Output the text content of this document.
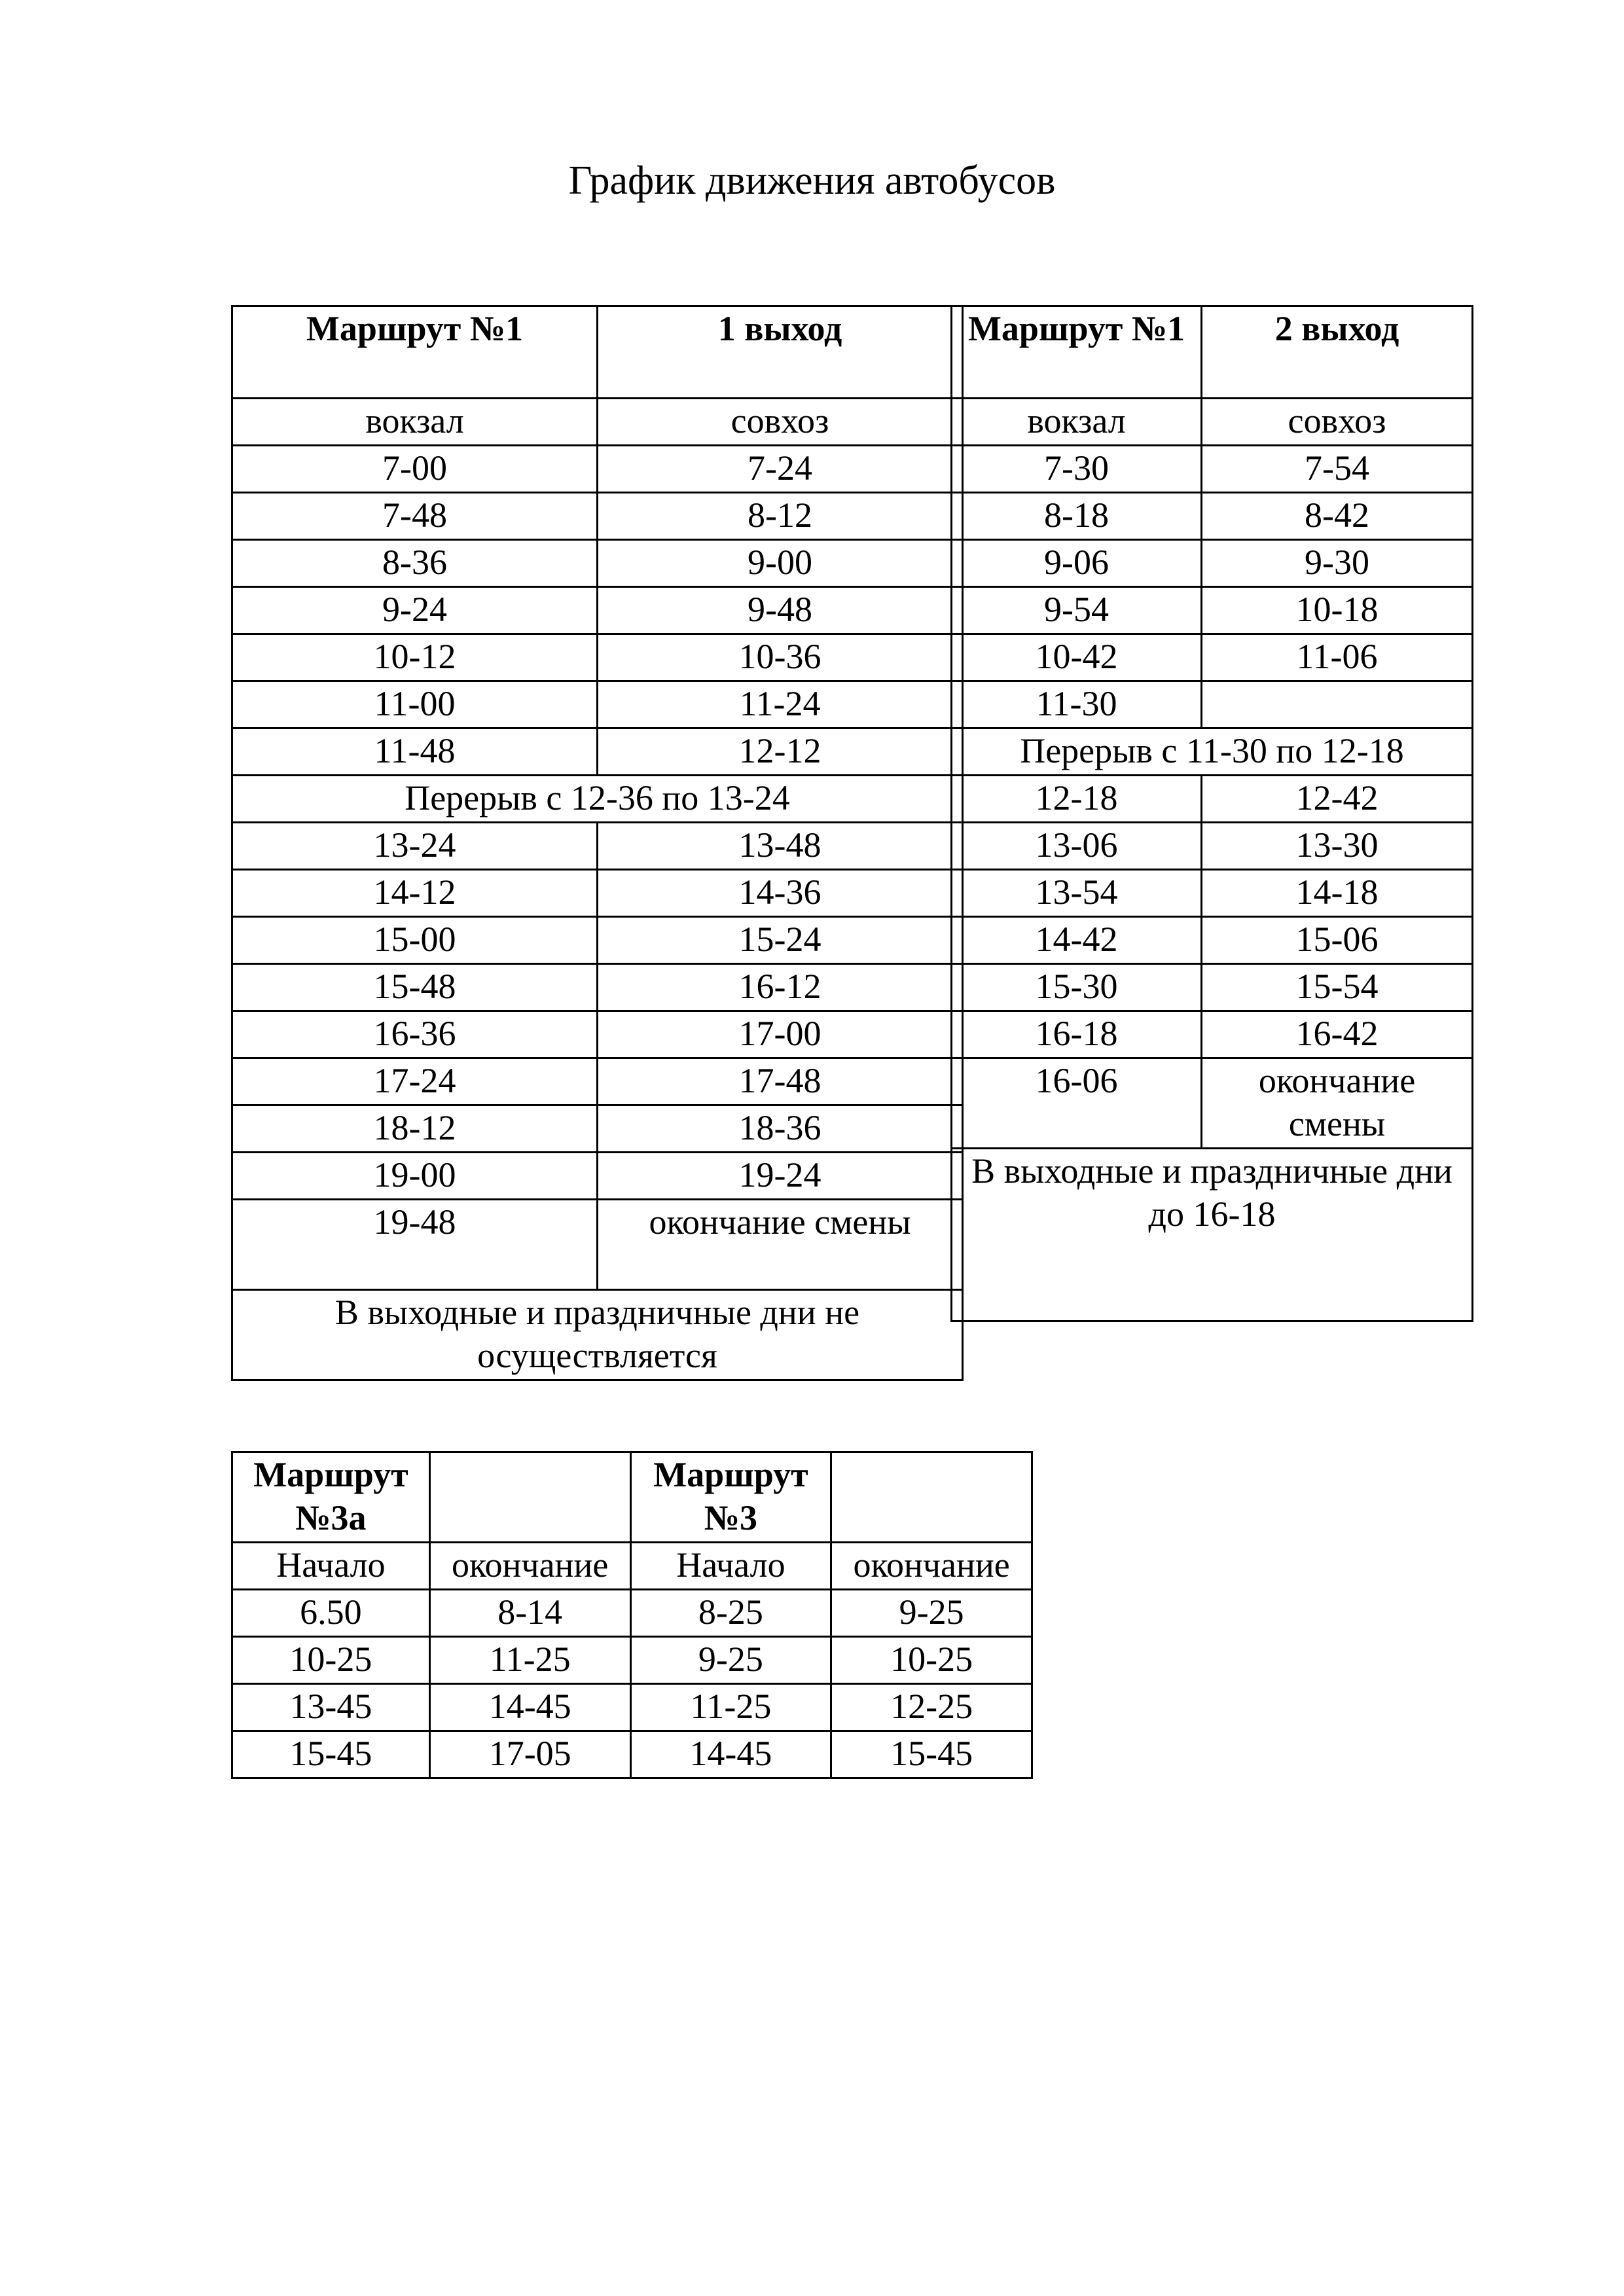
График движения автобусов
Маршрут №1	1 выход
вокзал	совхоз
7-00	7-24
7-48	8-12
8-36	9-00
9-24	9-48
10-12	10-36
11-00	11-24
11-48	12-12
Перерыв с 12-36 по 13-24	
13-24	13-48
14-12	14-36
15-00	15-24
15-48	16-12
16-36	17-00
17-24	17-48
18-12	18-36
19-00	19-24
19-48	окончание смены
В выходные и праздничные дни не осуществляется	
Маршрут №1	2 выход
вокзал	совхоз
7-30	7-54
8-18	8-42
9-06	9-30
9-54	10-18
10-42	11-06
11-30	
Перерыв с 11-30 по 12-18	
12-18	12-42
13-06	13-30
13-54	14-18
14-42	15-06
15-30	15-54
16-18	16-42
16-06	окончание смены
В выходные и праздничные дни до 16-18	
Маршрут №3а		Маршрут №3	
Начало	окончание	Начало	окончание
6.50	8-14	8-25	9-25
10-25	11-25	9-25	10-25
13-45	14-45	11-25	12-25
15-45	17-05	14-45	15-45
